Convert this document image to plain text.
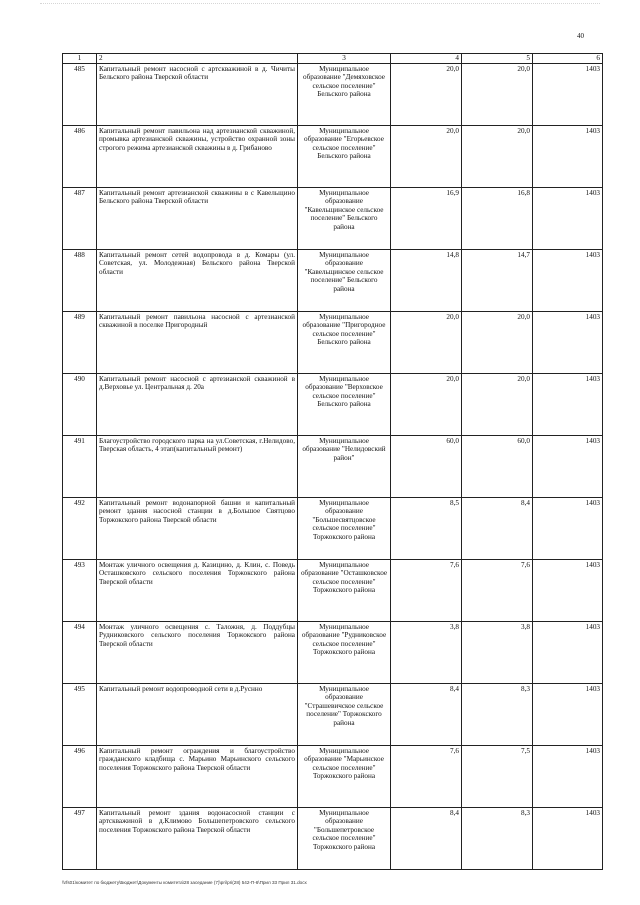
40
1	2	3	4	5	6
485	Капитальный ремонт насосной с артскважиной в д. Чичиты Бельского района Тверской области	Муниципальное образование "Демяховское сельское поселение" Бельского района	20,0	20,0	1403
486	Капитальный ремонт павильона над артезианской скважиной, промывка артезианской скважины, устройство охранной зоны строгого режима артезианской скважины в д. Грибаново	Муниципальное образование "Егорьевское сельское поселение" Бельского района	20,0	20,0	1403
487	Капитальный ремонт артезианской скважины в с Кавельщино Бельского района Тверской области	Муниципальное образование "Кавельщинское сельское поселение" Бельского района	16,9	16,8	1403
488	Капитальный ремонт сетей водопровода в д. Комары (ул. Советская, ул. Молодежная) Бельского района Тверской области	Муниципальное образование "Кавельщинское сельское поселение" Бельского района	14,8	14,7	1403
489	Капитальный ремонт павильона насосной с артезианской скважиной в поселке Пригородный	Муниципальное образование "Пригородное сельское поселение" Бельского района	20,0	20,0	1403
490	Капитальный ремонт насосной с артезианской скважиной в д.Верховье ул. Центральная д. 20а	Муниципальное образование "Верховское сельское поселение" Бельского района	20,0	20,0	1403
491	Благоустройство городского парка на ул.Советская, г.Нелидово, Тверская область, 4 этап(капитальный ремонт)	Муниципальное образование "Нелидовский район"	60,0	60,0	1403
492	Капитальный ремонт водонапорной башни и капитальный ремонт здания насосной станции в д.Большое Святцово Торжокского района Тверской области	Муниципальное образование "Большесвятцовское сельское поселение" Торжокского района	8,5	8,4	1403
493	Монтаж уличного освещения д. Казицино, д. Клин, с. Поведь Осташковского сельского поселения Торжокского района Тверской области	Муниципальное образование "Осташковское сельское поселение" Торжокского района	7,6	7,6	1403
494	Монтаж уличного освещения с. Таложня, д. Поддубцы Рудниковского сельского поселения Торжокского района Тверской области	Муниципальное образование "Рудниковское сельское поселение" Торжокского района	3,8	3,8	1403
495	Капитальный ремонт водопроводной сети в д.Руснно	Муниципальное образование "Страшевичское сельское поселение" Торжокского района	8,4	8,3	1403
496	Капитальный ремонт ограждения и благоустройство гражданского кладбища с. Марьино Марьинского сельского поселения Торжокского района Тверской области	Муниципальное образование "Марьинское сельское поселение" Торжокского района	7,6	7,5	1403
497	Капитальный ремонт здания водонасосной станции с артскважиной в д.Климово Большепетровского сельского поселения Торжокского района Тверской области	Муниципальное образование "Большепетровское сельское поселение" Торжокского района	8,4	8,3	1403
\\rfs01\комитет по бюджету\Бюджет\Документы комитета\28 заседание (7)\pri\pri(28) 542-П-6\Прил 33 Прил 31.docx
